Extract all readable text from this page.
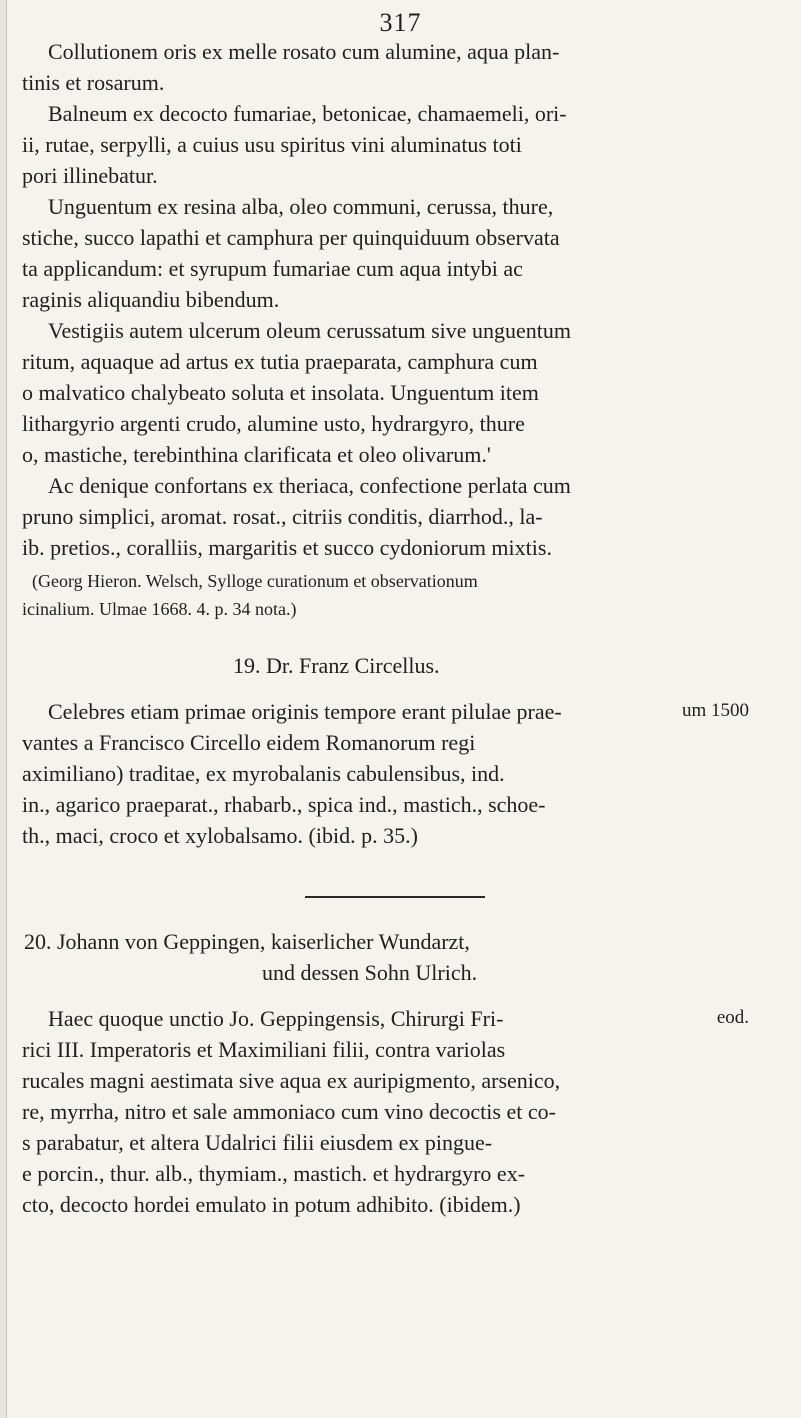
317
Collutionem oris ex melle rosato cum alumine, aqua plan-
tinis et rosarum.
Balneum ex decocto fumariae, betonicae, chamaemeli, ori-
ii, rutae, serpylli, a cuius usu spiritus vini aluminatus toti
pori illinebatur.
Unguentum ex resina alba, oleo communi, cerussa, thure,
stiche, succo lapathi et camphura per quinquiduum observata
ta applicandum: et syrupum fumariae cum aqua intybi ac
raginis aliquandiu bibendum.
Vestigiis autem ulcerum oleum cerussatum sive unguentum
ritum, aquaque ad artus ex tutia praeparata, camphura cum
o malvatico chalybeato soluta et insolata. Unguentum item
lithargyrio argenti crudo, alumine usto, hydrargyro, thure
o, mastiche, terebinthina clarificata et oleo olivarum.'
Ac denique confortans ex theriaca, confectione perlata cum
pruno simplici, aromat. rosat., citriis conditis, diarrhod., la-
ib. pretios., coralliis, margaritis et succo cydoniorum mixtis.
(Georg Hieron. Welsch, Sylloge curationum et observationum
icinalium. Ulmae 1668. 4. p. 34 nota.)
19. Dr. Franz Circellus.
um 1500
Celebres etiam primae originis tempore erant pilulae prae-
vantes a Francisco Circello eidem Romanorum regi
aximiliano) traditae, ex myrobalanis cabulensibus, ind.
in., agarico praeparat., rhabarb., spica ind., mastich., schoe-
th., maci, croco et xylobalsamo. (ibid. p. 35.)
20. Johann von Geppingen, kaiserlicher Wundarzt,
und dessen Sohn Ulrich.
eod.
Haec quoque unctio Jo. Geppingensis, Chirurgi Fri-
rici III. Imperatoris et Maximiliani filii, contra variolas
rucales magni aestimata sive aqua ex auripigmento, arsenico,
re, myrrha, nitro et sale ammoniaco cum vino decoctis et co-
s parabatur, et altera Udalrici filii eiusdem ex pingue-
e porcin., thur. alb., thymiam., mastich. et hydrargyro ex-
cto, decocto hordei emulato in potum adhibito. (ibidem.)
